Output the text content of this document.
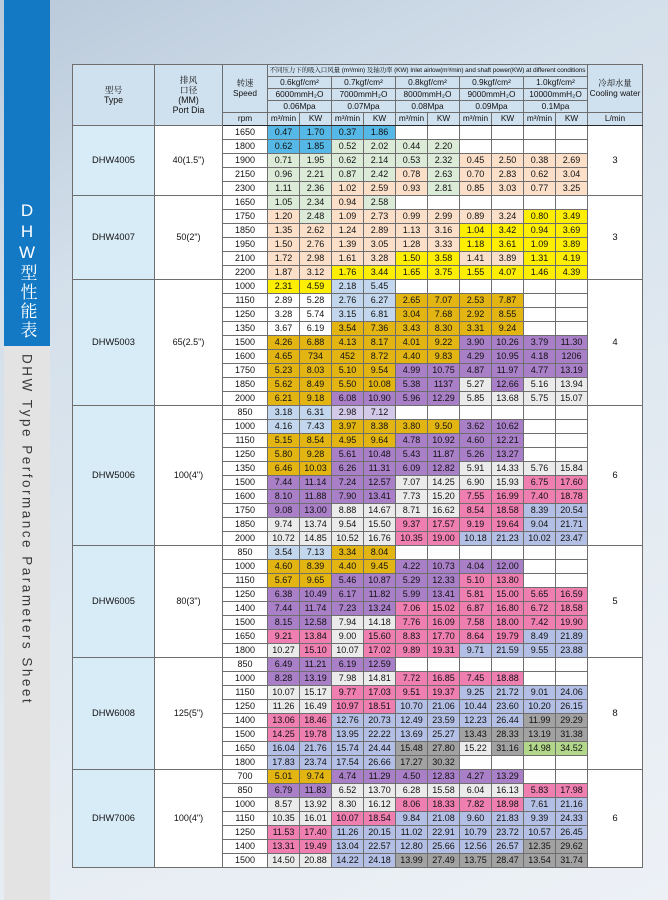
DHW型性能表
DHW Type Performance Parameters Sheet
型号
Type

排风
口径
(MM)
Port Dia

转速
Speed
	不同压力下的吸入口风量 (m³/min) 及轴功率 (KW) Inlet airlow(m³/min) and shaft power(KW) at different conditions	
冷却水量
Cooling water

			0.6kgf/cm²		0.7kgf/cm²		0.8kgf/cm²		0.9kgf/cm²		1.0kgf/cm²		
			6000mmH₂O		7000mmH₂O		8000mmH₂O		9000mmH₂O		10000mmH₂O		
			0.06Mpa		0.07Mpa		0.08Mpa		0.09Mpa		0.1Mpa		
		rpm	m³/min	KW	m³/min	KW	m³/min	KW	m³/min	KW	m³/min	KW	L/min
DHW4005	40(1.5")	1650	0.47	1.70	0.37	1.86							3
		1800	0.62	1.85	0.52	2.02	0.44	2.20					
		1900	0.71	1.95	0.62	2.14	0.53	2.32	0.45	2.50	0.38	2.69	
		2150	0.96	2.21	0.87	2.42	0.78	2.63	0.70	2.83	0.62	3.04	
		2300	1.11	2.36	1.02	2.59	0.93	2.81	0.85	3.03	0.77	3.25	
DHW4007	50(2")	1650	1.05	2.34	0.94	2.58							3
		1750	1.20	2.48	1.09	2.73	0.99	2.99	0.89	3.24	0.80	3.49	
		1850	1.35	2.62	1.24	2.89	1.13	3.16	1.04	3.42	0.94	3.69	
		1950	1.50	2.76	1.39	3.05	1.28	3.33	1.18	3.61	1.09	3.89	
		2100	1.72	2.98	1.61	3.28	1.50	3.58	1.41	3.89	1.31	4.19	
		2200	1.87	3.12	1.76	3.44	1.65	3.75	1.55	4.07	1.46	4.39	
DHW5003	65(2.5")	1000	2.31	4.59	2.18	5.45							4
		1150	2.89	5.28	2.76	6.27	2.65	7.07	2.53	7.87			
		1250	3.28	5.74	3.15	6.81	3.04	7.68	2.92	8.55			
		1350	3.67	6.19	3.54	7.36	3.43	8.30	3.31	9.24			
		1500	4.26	6.88	4.13	8.17	4.01	9.22	3.90	10.26	3.79	11.30	
		1600	4.65	734	452	8.72	4.40	9.83	4.29	10.95	4.18	1206	
		1750	5.23	8.03	5.10	9.54	4.99	10.75	4.87	11.97	4.77	13.19	
		1850	5.62	8.49	5.50	10.08	5.38	1137	5.27	12.66	5.16	13.94	
		2000	6.21	9.18	6.08	10.90	5.96	12.29	5.85	13.68	5.75	15.07	
DHW5006	100(4")	850	3.18	6.31	2.98	7.12							6
		1000	4.16	7.43	3.97	8.38	3.80	9.50	3.62	10.62			
		1150	5.15	8.54	4.95	9.64	4.78	10.92	4.60	12.21			
		1250	5.80	9.28	5.61	10.48	5.43	11.87	5.26	13.27			
		1350	6.46	10.03	6.26	11.31	6.09	12.82	5.91	14.33	5.76	15.84	
		1500	7.44	11.14	7.24	12.57	7.07	14.25	6.90	15.93	6.75	17.60	
		1600	8.10	11.88	7.90	13.41	7.73	15.20	7.55	16.99	7.40	18.78	
		1750	9.08	13.00	8.88	14.67	8.71	16.62	8.54	18.58	8.39	20.54	
		1850	9.74	13.74	9.54	15.50	9.37	17.57	9.19	19.64	9.04	21.71	
		2000	10.72	14.85	10.52	16.76	10.35	19.00	10.18	21.23	10.02	23.47	
DHW6005	80(3")	850	3.54	7.13	3.34	8.04							5
		1000	4.60	8.39	4.40	9.45	4.22	10.73	4.04	12.00			
		1150	5.67	9.65	5.46	10.87	5.29	12.33	5.10	13.80			
		1250	6.38	10.49	6.17	11.82	5.99	13.41	5.81	15.00	5.65	16.59	
		1400	7.44	11.74	7.23	13.24	7.06	15.02	6.87	16.80	6.72	18.58	
		1500	8.15	12.58	7.94	14.18	7.76	16.09	7.58	18.00	7.42	19.90	
		1650	9.21	13.84	9.00	15.60	8.83	17.70	8.64	19.79	8.49	21.89	
		1800	10.27	15.10	10.07	17.02	9.89	19.31	9.71	21.59	9.55	23.88	
DHW6008	125(5")	850	6.49	11.21	6.19	12.59							8
		1000	8.28	13.19	7.98	14.81	7.72	16.85	7.45	18.88			
		1150	10.07	15.17	9.77	17.03	9.51	19.37	9.25	21.72	9.01	24.06	
		1250	11.26	16.49	10.97	18.51	10.70	21.06	10.44	23.60	10.20	26.15	
		1400	13.06	18.46	12.76	20.73	12.49	23.59	12.23	26.44	11.99	29.29	
		1500	14.25	19.78	13.95	22.22	13.69	25.27	13.43	28.33	13.19	31.38	
		1650	16.04	21.76	15.74	24.44	15.48	27.80	15.22	31.16	14.98	34.52	
		1800	17.83	23.74	17.54	26.66	17.27	30.32					
DHW7006	100(4")	700	5.01	9.74	4.74	11.29	4.50	12.83	4.27	13.29			6
		850	6.79	11.83	6.52	13.70	6.28	15.58	6.04	16.13	5.83	17.98	
		1000	8.57	13.92	8.30	16.12	8.06	18.33	7.82	18.98	7.61	21.16	
		1150	10.35	16.01	10.07	18.54	9.84	21.08	9.60	21.83	9.39	24.33	
		1250	11.53	17.40	11.26	20.15	11.02	22.91	10.79	23.72	10.57	26.45	
		1400	13.31	19.49	13.04	22.57	12.80	25.66	12.56	26.57	12.35	29.62	
		1500	14.50	20.88	14.22	24.18	13.99	27.49	13.75	28.47	13.54	31.74	
